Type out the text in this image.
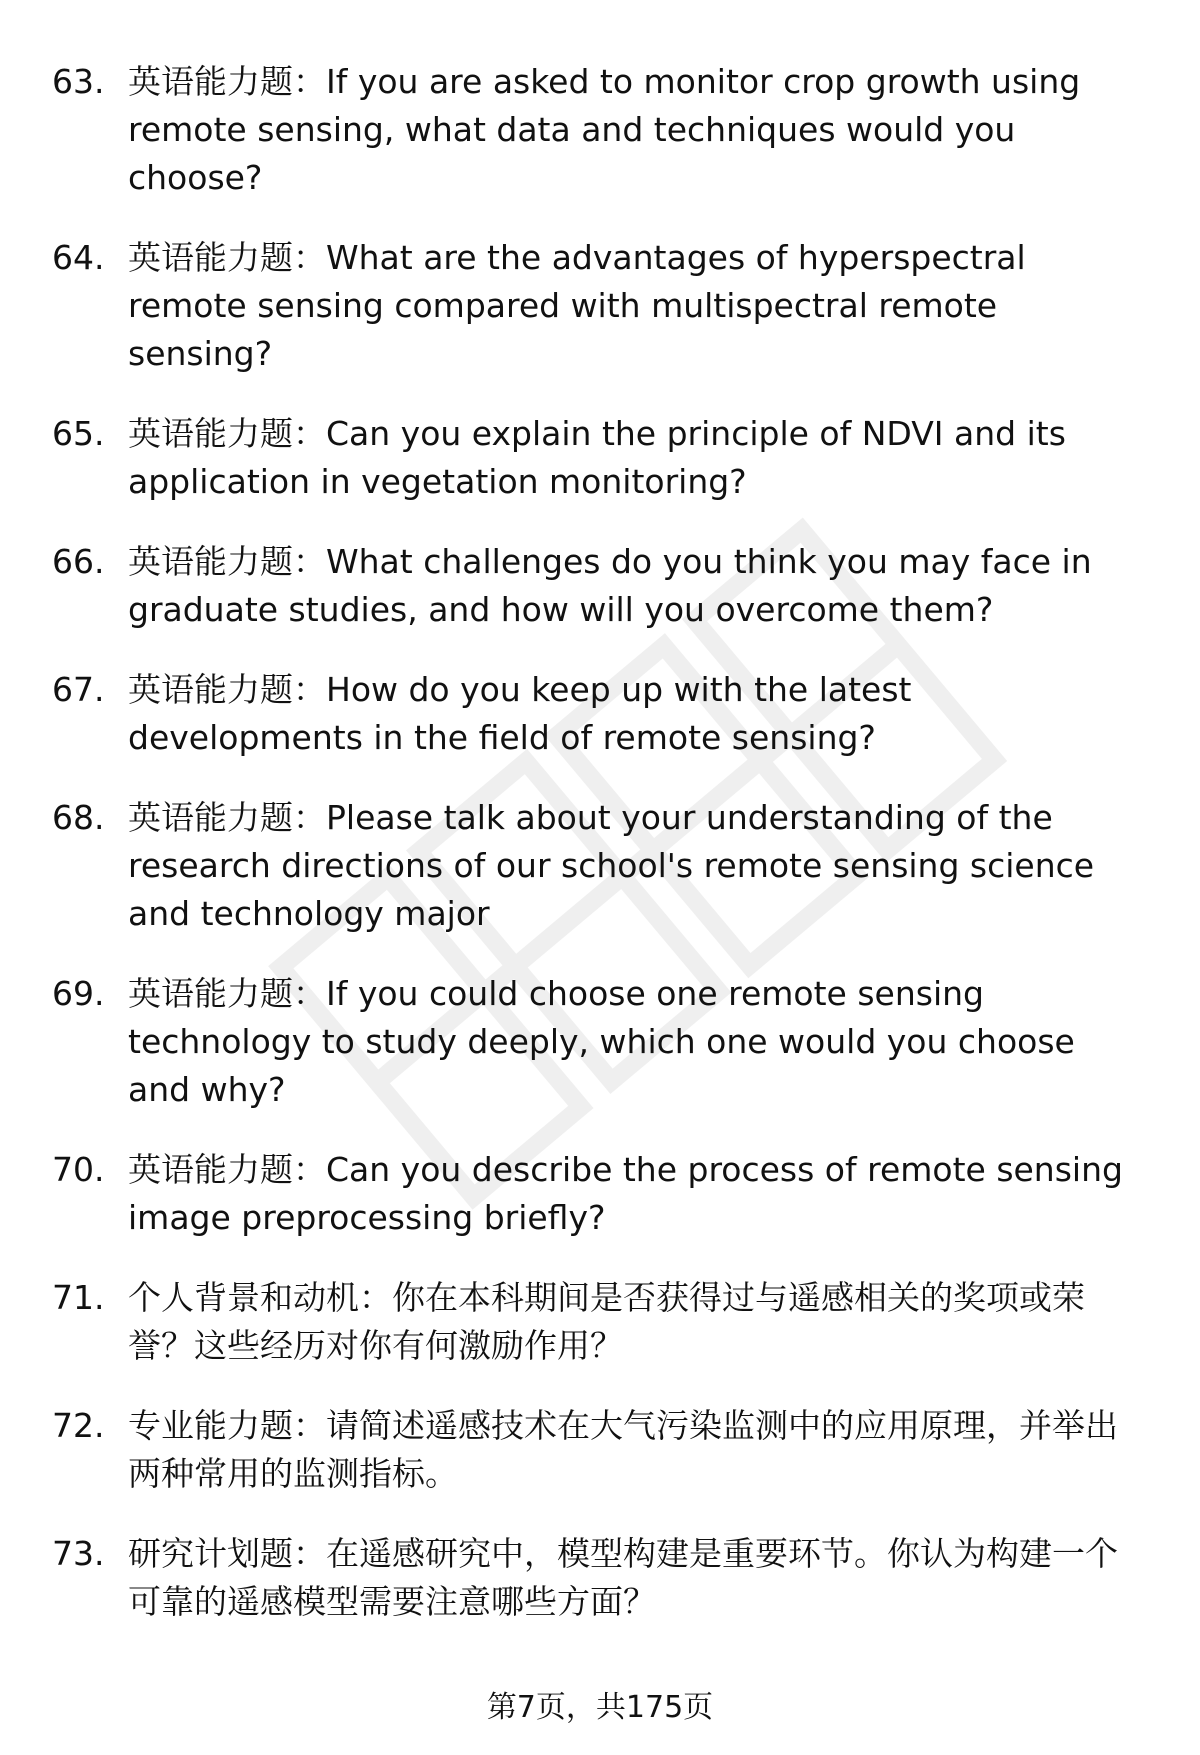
63. 英语能力题：If you are asked to monitor crop growth using remote sensing, what data and techniques would you choose?
64. 英语能力题：What are the advantages of hyperspectral remote sensing compared with multispectral remote sensing?
65. 英语能力题：Can you explain the principle of NDVI and its application in vegetation monitoring?
66. 英语能力题：What challenges do you think you may face in graduate studies, and how will you overcome them?
67. 英语能力题：How do you keep up with the latest developments in the field of remote sensing?
68. 英语能力题：Please talk about your understanding of the research directions of our school's remote sensing science and technology major
69. 英语能力题：If you could choose one remote sensing technology to study deeply, which one would you choose and why?
70. 英语能力题：Can you describe the process of remote sensing image preprocessing briefly?
71. 个人背景和动机：你在本科期间是否获得过与遥感相关的奖项或荣誉？这些经历对你有何激励作用？
72. 专业能力题：请简述遥感技术在大气污染监测中的应用原理，并举出两种常用的监测指标。
73. 研究计划题：在遥感研究中，模型构建是重要环节。你认为构建一个可靠的遥感模型需要注意哪些方面？
第7页，共175页
